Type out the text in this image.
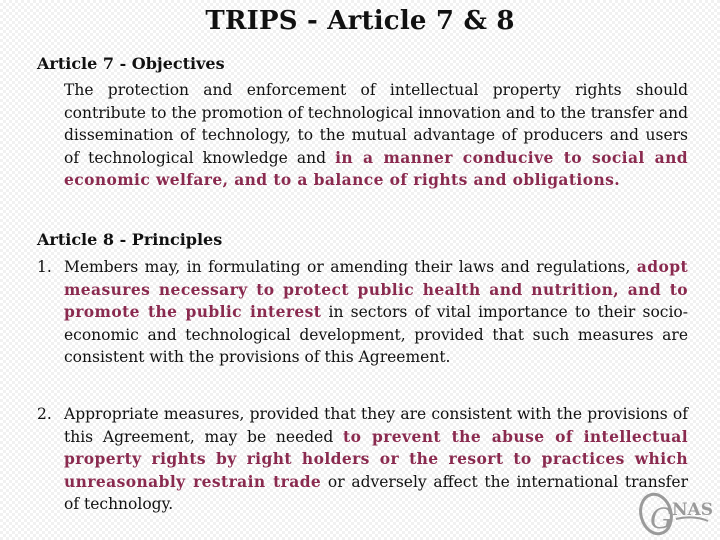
TRIPS - Article 7 & 8

Article 7 - Objectives

The protection and enforcement of intellectual property rights should contribute to the promotion of technological innovation and to the transfer and dissemination of technology, to the mutual advantage of producers and users of technological knowledge and in a manner conducive to social and economic welfare, and to a balance of rights and obligations.

Article 8 - Principles

1. Members may, in formulating or amending their laws and regulations, adopt measures necessary to protect public health and nutrition, and to promote the public interest in sectors of vital importance to their socio-economic and technological development, provided that such measures are consistent with the provisions of this Agreement.

2. Appropriate measures, provided that they are consistent with the provisions of this Agreement, may be needed to prevent the abuse of intellectual property rights by right holders or the resort to practices which unreasonably restrain trade or adversely affect the international transfer of technology.	G NAS
